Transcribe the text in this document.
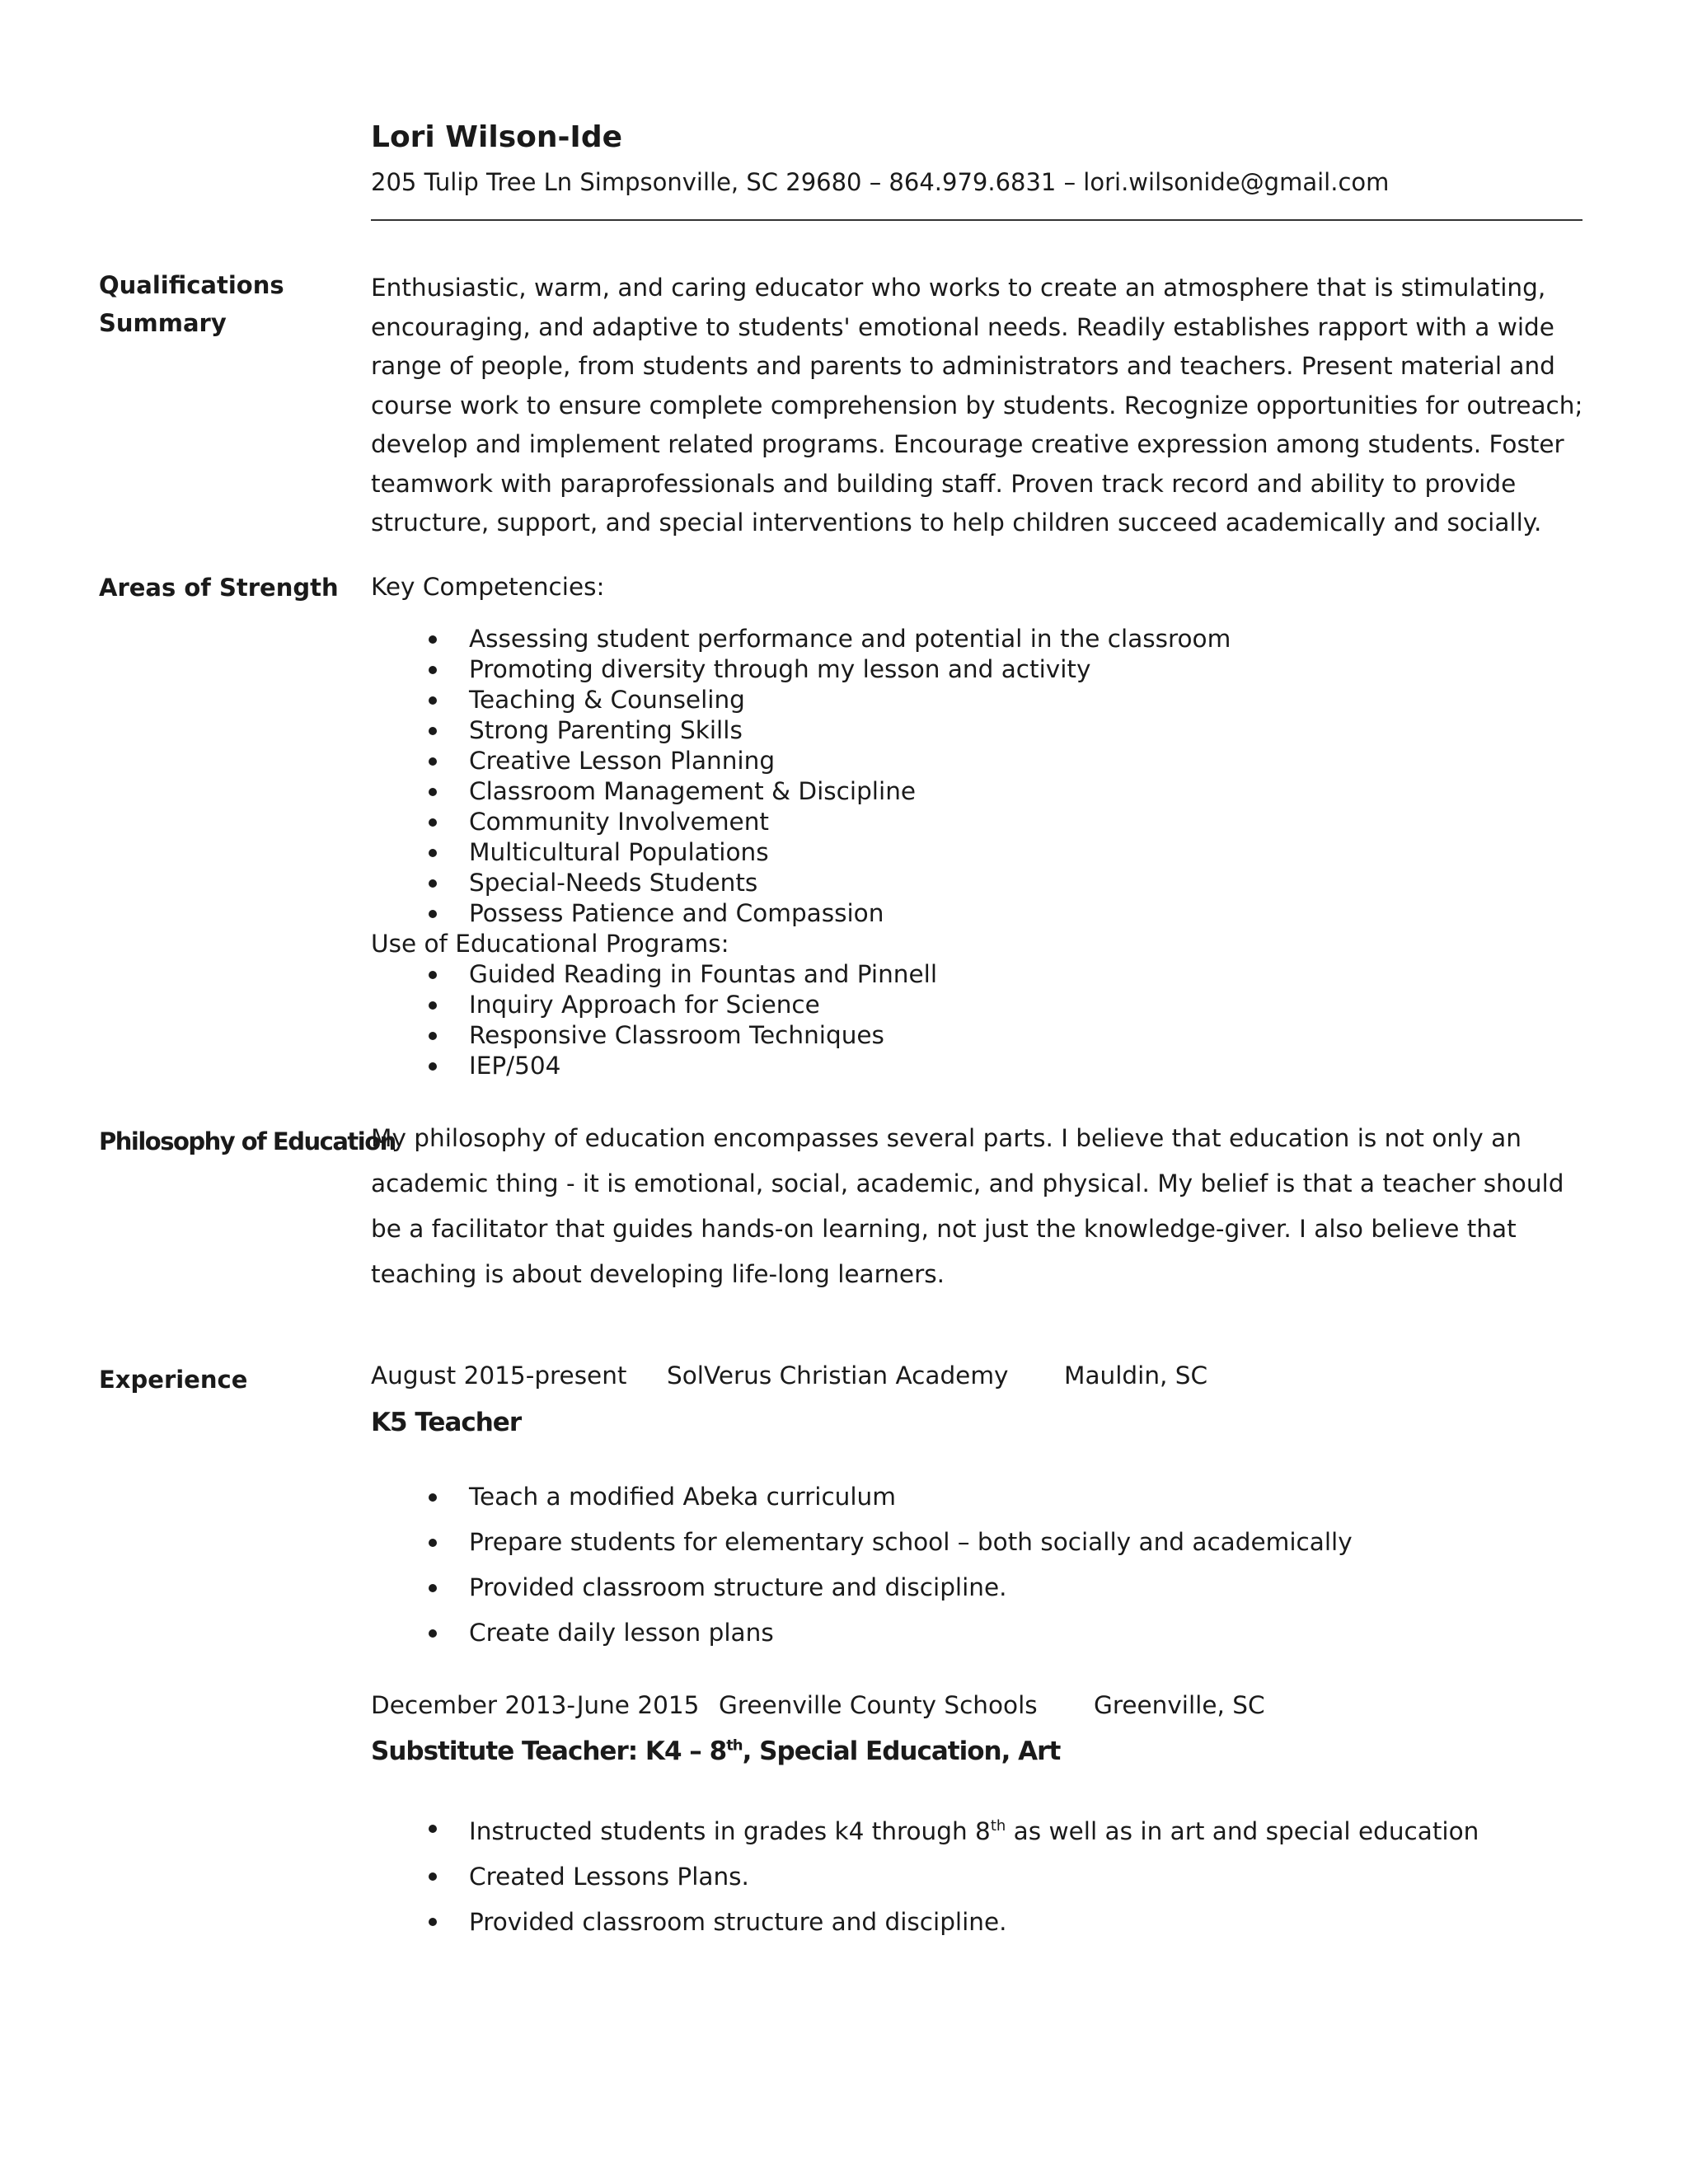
Lori Wilson-Ide

205 Tulip Tree Ln Simpsonville, SC 29680 – 864.979.6831 – lori.wilsonide@gmail.com

Qualifications
Summary

Enthusiastic, warm, and caring educator who works to create an atmosphere that is stimulating, encouraging, and adaptive to students' emotional needs. Readily establishes rapport with a wide range of people, from students and parents to administrators and teachers. Present material and course work to ensure complete comprehension by students. Recognize opportunities for outreach; develop and implement related programs. Encourage creative expression among students. Foster teamwork with paraprofessionals and building staff. Proven track record and ability to provide structure, support, and special interventions to help children succeed academically and socially.

Areas of Strength Key Competencies:
Assessing student performance and potential in the classroom
Promoting diversity through my lesson and activity
Teaching & Counseling
Strong Parenting Skills
Creative Lesson Planning
Classroom Management & Discipline
Community Involvement
Multicultural Populations
Special-Needs Students
Possess Patience and Compassion
Use of Educational Programs:
Guided Reading in Fountas and Pinnell
Inquiry Approach for Science
Responsive Classroom Techniques
IEP/504
Philosophy of Education

My philosophy of education encompasses several parts. I believe that education is not only an academic thing - it is emotional, social, academic, and physical. My belief is that a teacher should be a facilitator that guides hands-on learning, not just the knowledge-giver. I also believe that teaching is about developing life-long learners.

Experience	August 2015-present SolVerus Christian Academy Mauldin, SC
K5 Teacher
Teach a modified Abeka curriculum
Prepare students for elementary school – both socially and academically
Provided classroom structure and discipline.
Create daily lesson plans
December 2013-June 2015 Greenville County Schools Greenville, SC
Substitute Teacher: K4 – 8th, Special Education, Art
Instructed students in grades k4 through 8th as well as in art and special education
Created Lessons Plans.
Provided classroom structure and discipline.
